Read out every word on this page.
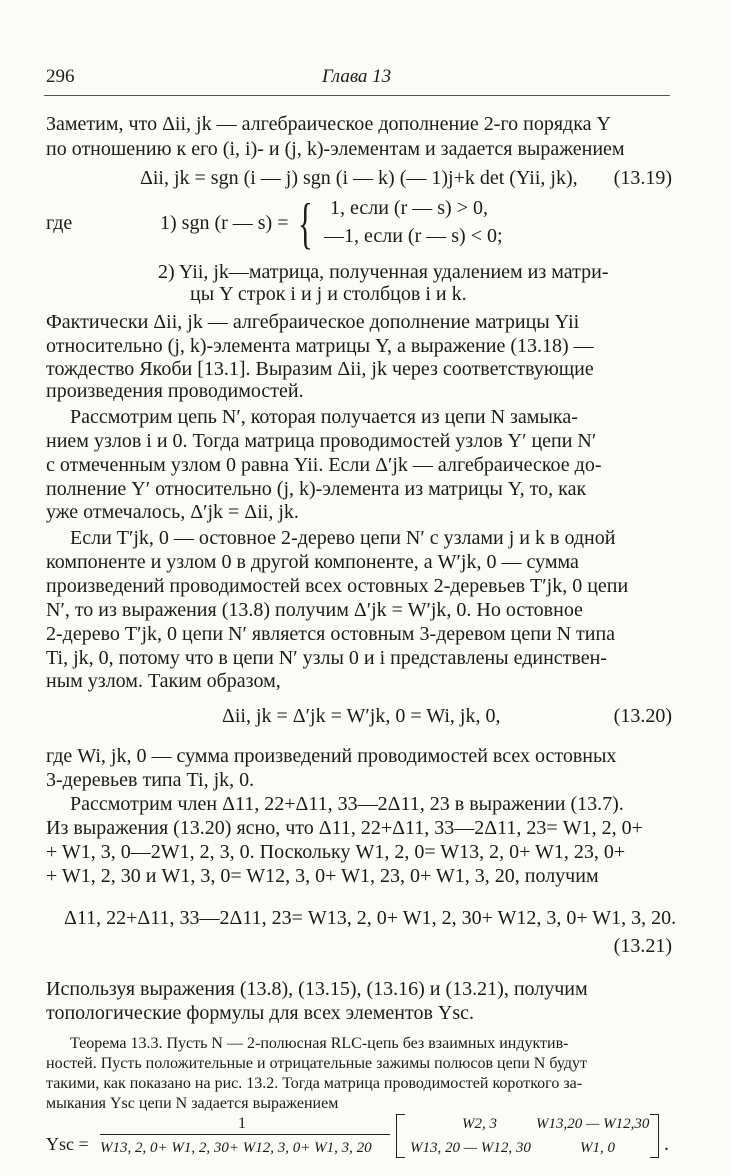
296	Глава 13
Заметим, что Δii, jk — алгебраическое дополнение 2-го порядка Y
по отношению к его (i, i)- и (j, k)-элементам и задается выражением
Δii, jk = sgn (i — j) sgn (i — k) (— 1)j+k det (Yii, jk), (13.19)
где	1) sgn (r — s) = { 1, если (r — s) > 0,
—1, если (r — s) < 0;
2) Yii, jk—матрица, полученная удалением из матри-
цы Y строк i и j и столбцов i и k.
Фактически Δii, jk — алгебраическое дополнение матрицы Yii
относительно (j, k)-элемента матрицы Y, а выражение (13.18) —
тождество Якоби [13.1]. Выразим Δii, jk через соответствующие
произведения проводимостей.
Рассмотрим цепь N′, которая получается из цепи N замыка-
нием узлов i и 0. Тогда матрица проводимостей узлов Y′ цепи N′
с отмеченным узлом 0 равна Yii. Если Δ′jk — алгебраическое до-
полнение Y′ относительно (j, k)-элемента из матрицы Y, то, как
уже отмечалось, Δ′jk = Δii, jk.
Если T′jk, 0 — остовное 2-дерево цепи N′ с узлами j и k в одной
компоненте и узлом 0 в другой компоненте, а W′jk, 0 — сумма
произведений проводимостей всех остовных 2-деревьев T′jk, 0 цепи
N′, то из выражения (13.8) получим Δ′jk = W′jk, 0. Но остовное
2-дерево T′jk, 0 цепи N′ является остовным 3-деревом цепи N типа
Ti, jk, 0, потому что в цепи N′ узлы 0 и i представлены единствен-
ным узлом. Таким образом,
Δii, jk = Δ′jk = W′jk, 0 = Wi, jk, 0,	(13.20)
где Wi, jk, 0 — сумма произведений проводимостей всех остовных
3-деревьев типа Ti, jk, 0.
Рассмотрим член Δ11, 22+Δ11, 33—2Δ11, 23 в выражении (13.7).
Из выражения (13.20) ясно, что Δ11, 22+Δ11, 33—2Δ11, 23= W1, 2, 0+
+ W1, 3, 0—2W1, 2, 3, 0. Поскольку W1, 2, 0= W13, 2, 0+ W1, 23, 0+
+ W1, 2, 30 и W1, 3, 0= W12, 3, 0+ W1, 23, 0+ W1, 3, 20, получим
Δ11, 22+Δ11, 33—2Δ11, 23= W13, 2, 0+ W1, 2, 30+ W12, 3, 0+ W1, 3, 20.
(13.21)
Используя выражения (13.8), (13.15), (13.16) и (13.21), получим
топологические формулы для всех элементов Ysc.
Теорема 13.3. Пусть N — 2-полюсная RLC-цепь без взаимных индуктив-
ностей. Пусть положительные и отрицательные зажимы полюсов цепи N будут
такими, как показано на рис. 13.2. Тогда матрица проводимостей короткого за-
мыкания Ysc цепи N задается выражением
Ysc =
1
W13, 2, 0+ W1, 2, 30+ W12, 3, 0+ W1, 3, 20
W2, 3	W13,20 — W12,30
W13, 20 — W12, 30	W1, 0 .
